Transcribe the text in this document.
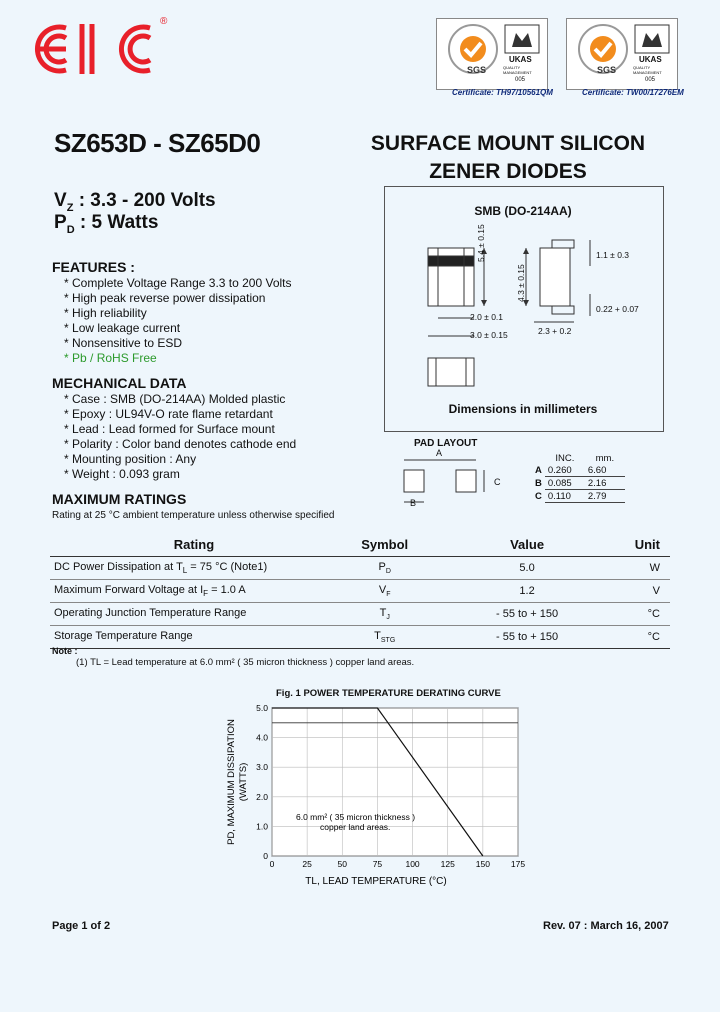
®
SGS
UKAS
QUALITY MANAGEMENT
005
SGS
UKAS
QUALITY MANAGEMENT
005
Certificate: TH97/10561QM	Certificate: TW00/17276EM
SZ653D - SZ65D0	SURFACE MOUNT SILICON
ZENER DIODES
$V_Z$ : 3.3 - 200 Volts
$P_D$ : 5 Watts
FEATURES :
* Complete Voltage Range 3.3 to 200 Volts
* High peak reverse power dissipation
* High reliability
* Low leakage current
* Nonsensitive to ESD
* Pb / RoHS Free
MECHANICAL DATA
* Case : SMB (DO-214AA) Molded plastic
* Epoxy : UL94V-O rate flame retardant
* Lead : Lead formed for Surface mount
* Polarity : Color band denotes cathode end
* Mounting position : Any
* Weight : 0.093 gram
SMB (DO-214AA)
5.4 ± 0.15
2.0 ± 0.1
3.0 ± 0.15
4.3 ± 0.15
1.1 ± 0.3
0.22 + 0.07
2.3 + 0.2
Dimensions in millimeters
PAD LAYOUT
A
B
C
	INC.	mm.
A	0.260	6.60
B	0.085	2.16
C	0.110	2.79
MAXIMUM RATINGS
Rating at 25 °C ambient temperature unless otherwise specified
Rating	Symbol	Value	Unit
DC Power Dissipation at $T_L = 75$ °C (Note1)	$P_D$	5.0	W
Maximum Forward Voltage at $I_F = 1.0$ A	$V_F$	1.2	V
Operating Junction Temperature Range	$T_J$	- 55 to + 150	°C
Storage Temperature Range	$T_{STG}$	- 55 to + 150	°C
Note :
(1) TL = Lead temperature at 6.0 mm² ( 35 micron thickness ) copper land areas.
Fig. 1 POWER TEMPERATURE DERATING CURVE
0	25	50	75	100 125 150 175
0
1.0
2.0
3.0
4.0
5.0
TL, LEAD TEMPERATURE (°C)
PD, MAXIMUM DISSIPATION (WATTS)
6.0 mm² ( 35 micron thickness )
copper land areas.
Page 1 of 2	Rev. 07 : March 16, 2007
